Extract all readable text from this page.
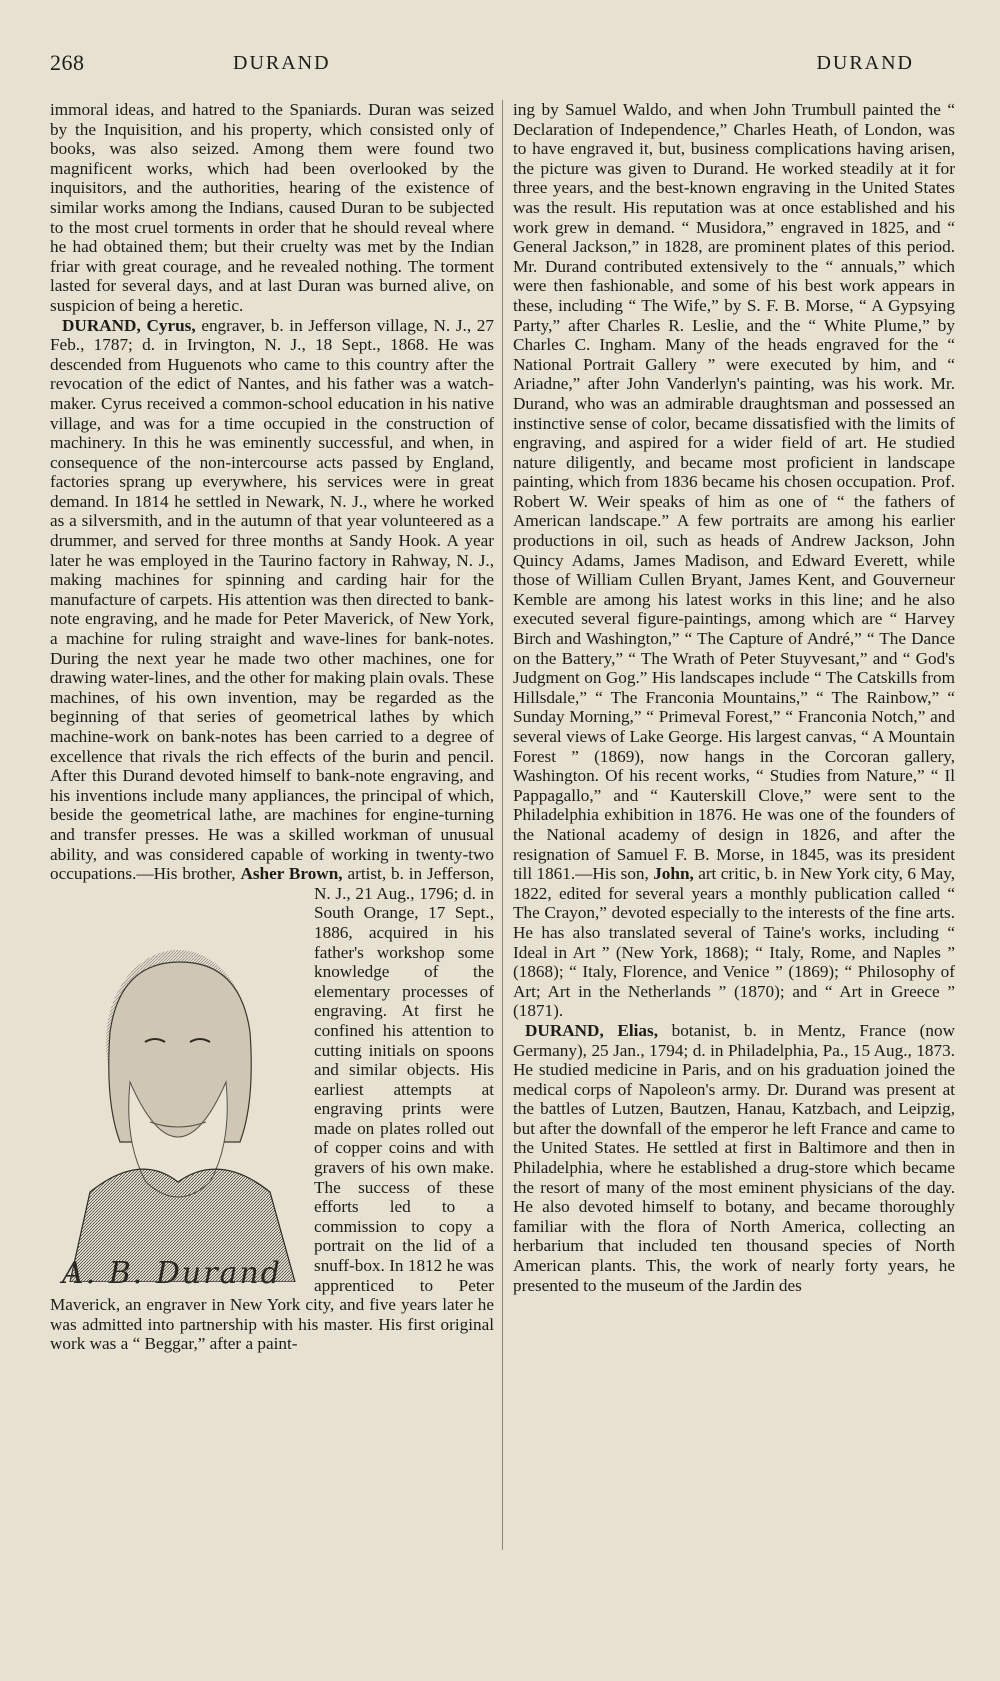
268	DURAND	DURAND

immoral ideas, and hatred to the Spaniards. Duran was seized by the Inquisition, and his property, which consisted only of books, was also seized. Among them were found two magnificent works, which had been overlooked by the inquisitors, and the authorities, hearing of the existence of similar works among the Indians, caused Duran to be subjected to the most cruel torments in order that he should reveal where he had obtained them; but their cruelty was met by the Indian friar with great courage, and he revealed nothing. The torment lasted for several days, and at last Duran was burned alive, on suspicion of being a heretic.

DURAND, Cyrus, engraver, b. in Jefferson village, N. J., 27 Feb., 1787; d. in Irvington, N. J., 18 Sept., 1868. He was descended from Huguenots who came to this country after the revocation of the edict of Nantes, and his father was a watch-maker. Cyrus received a common-school education in his native village, and was for a time occupied in the construction of machinery. In this he was eminently successful, and when, in consequence of the non-intercourse acts passed by England, factories sprang up everywhere, his services were in great demand. In 1814 he settled in Newark, N. J., where he worked as a silversmith, and in the autumn of that year volunteered as a drummer, and served for three months at Sandy Hook. A year later he was employed in the Taurino factory in Rahway, N. J., making machines for spinning and carding hair for the manufacture of carpets. His attention was then directed to bank-note engraving, and he made for Peter Maverick, of New York, a machine for ruling straight and wave-lines for bank-notes. During the next year he made two other machines, one for drawing water-lines, and the other for making plain ovals. These machines, of his own invention, may be regarded as the beginning of that series of geometrical lathes by which machine-work on bank-notes has been carried to a degree of excellence that rivals the rich effects of the burin and pencil. After this Durand devoted himself to bank-note engraving, and his inventions include many appliances, the principal of which, beside the geometrical lathe, are machines for engine-turning and transfer presses. He was a skilled workman of unusual ability, and was considered capable of working in twenty-two occupations.—His brother, Asher Brown,
A. B. Durand
artist, b. in Jefferson, N. J., 21 Aug., 1796; d. in South Orange, 17 Sept., 1886, acquired in his father's workshop some knowledge of the elementary processes of engraving. At first he confined his attention to cutting initials on spoons and similar objects. His earliest attempts at engraving prints were made on plates rolled out of copper coins and with gravers of his own make. The success of these efforts led to a commission to copy a portrait on the lid of a snuff-box. In 1812 he was apprenticed to Peter Maverick, an engraver in New York city, and five years later he was admitted into partnership with his master. His first original work was a “ Beggar,” after a paint-

ing by Samuel Waldo, and when John Trumbull painted the “ Declaration of Independence,” Charles Heath, of London, was to have engraved it, but, business complications having arisen, the picture was given to Durand. He worked steadily at it for three years, and the best-known engraving in the United States was the result. His reputation was at once established and his work grew in demand. “ Musidora,” engraved in 1825, and “ General Jackson,” in 1828, are prominent plates of this period. Mr. Durand contributed extensively to the “ annuals,” which were then fashionable, and some of his best work appears in these, including “ The Wife,” by S. F. B. Morse, “ A Gypsying Party,” after Charles R. Leslie, and the “ White Plume,” by Charles C. Ingham. Many of the heads engraved for the “ National Portrait Gallery ” were executed by him, and “ Ariadne,” after John Vanderlyn's painting, was his work. Mr. Durand, who was an admirable draughtsman and possessed an instinctive sense of color, became dissatisfied with the limits of engraving, and aspired for a wider field of art. He studied nature diligently, and became most proficient in landscape painting, which from 1836 became his chosen occupation. Prof. Robert W. Weir speaks of him as one of “ the fathers of American landscape.” A few portraits are among his earlier productions in oil, such as heads of Andrew Jackson, John Quincy Adams, James Madison, and Edward Everett, while those of William Cullen Bryant, James Kent, and Gouverneur Kemble are among his latest works in this line; and he also executed several figure-paintings, among which are “ Harvey Birch and Washington,” “ The Capture of André,” “ The Dance on the Battery,” “ The Wrath of Peter Stuyvesant,” and “ God's Judgment on Gog.” His landscapes include “ The Catskills from Hillsdale,” “ The Franconia Mountains,” “ The Rainbow,” “ Sunday Morning,” “ Primeval Forest,” “ Franconia Notch,” and several views of Lake George. His largest canvas, “ A Mountain Forest ” (1869), now hangs in the Corcoran gallery, Washington. Of his recent works, “ Studies from Nature,” “ Il Pappagallo,” and “ Kauterskill Clove,” were sent to the Philadelphia exhibition in 1876. He was one of the founders of the National academy of design in 1826, and after the resignation of Samuel F. B. Morse, in 1845, was its president till 1861.—His son, John, art critic, b. in New York city, 6 May, 1822, edited for several years a monthly publication called “ The Crayon,” devoted especially to the interests of the fine arts. He has also translated several of Taine's works, including “ Ideal in Art ” (New York, 1868); “ Italy, Rome, and Naples ” (1868); “ Italy, Florence, and Venice ” (1869); “ Philosophy of Art; Art in the Netherlands ” (1870); and “ Art in Greece ” (1871).

DURAND, Elias, botanist, b. in Mentz, France (now Germany), 25 Jan., 1794; d. in Philadelphia, Pa., 15 Aug., 1873. He studied medicine in Paris, and on his graduation joined the medical corps of Napoleon's army. Dr. Durand was present at the battles of Lutzen, Bautzen, Hanau, Katzbach, and Leipzig, but after the downfall of the emperor he left France and came to the United States. He settled at first in Baltimore and then in Philadelphia, where he established a drug-store which became the resort of many of the most eminent physicians of the day. He also devoted himself to botany, and became thoroughly familiar with the flora of North America, collecting an herbarium that included ten thousand species of North American plants. This, the work of nearly forty years, he presented to the museum of the Jardin des
